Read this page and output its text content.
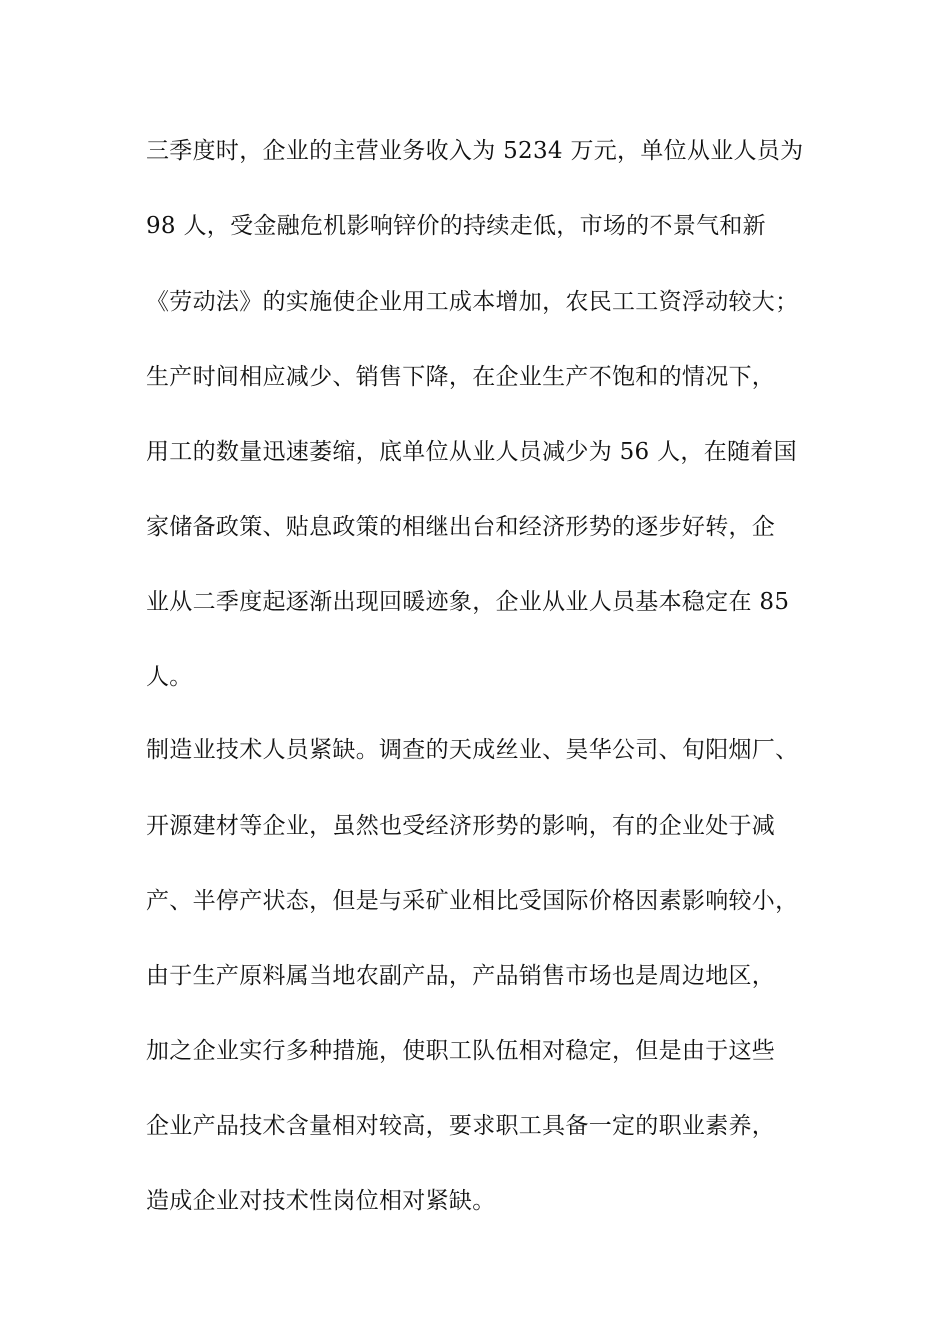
三季度时，企业的主营业务收入为 5234 万元，单位从业人员为
98 人，受金融危机影响锌价的持续走低，市场的不景气和新
《劳动法》的实施使企业用工成本增加，农民工工资浮动较大；
生产时间相应减少、销售下降，在企业生产不饱和的情况下，
用工的数量迅速萎缩，底单位从业人员减少为 56 人，在随着国
家储备政策、贴息政策的相继出台和经济形势的逐步好转，企
业从二季度起逐渐出现回暖迹象，企业从业人员基本稳定在 85
人。
制造业技术人员紧缺。调查的天成丝业、昊华公司、旬阳烟厂、
开源建材等企业，虽然也受经济形势的影响，有的企业处于减
产、半停产状态，但是与采矿业相比受国际价格因素影响较小，
由于生产原料属当地农副产品，产品销售市场也是周边地区，
加之企业实行多种措施，使职工队伍相对稳定，但是由于这些
企业产品技术含量相对较高，要求职工具备一定的职业素养，
造成企业对技术性岗位相对紧缺。
